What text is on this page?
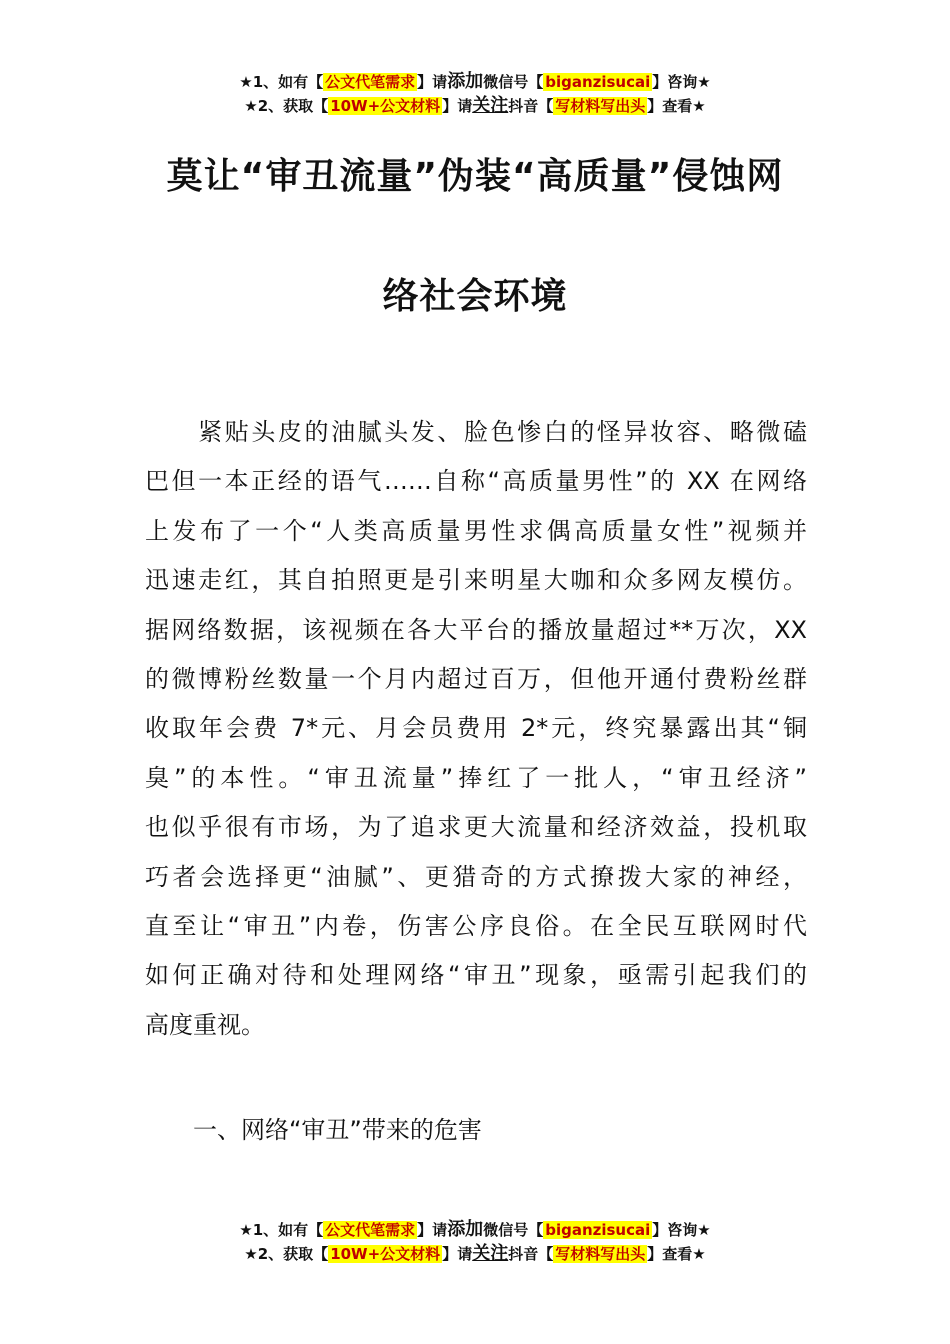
★1、如有【 公文代笔需求 】请添加微信号【 biganzisucai 】咨询★
★2、获取【 10W+公文材料 】请关注抖音【 写材料写出头 】查看★
莫让“审丑流量”伪装“高质量”侵蚀网
络社会环境
　　紧贴头皮的油腻头发、脸色惨白的怪异妆容、略微磕
巴但一本正经的语气……自称“高质量男性”的 XX 在网络
上发布了一个“人类高质量男性求偶高质量女性”视频并
迅速走红，其自拍照更是引来明星大咖和众多网友模仿。
据网络数据，该视频在各大平台的播放量超过**万次，XX
的微博粉丝数量一个月内超过百万，但他开通付费粉丝群
收取年会费 7*元、月会员费用 2*元，终究暴露出其“铜
臭”的本性。“审丑流量”捧红了一批人，“审丑经济”
也似乎很有市场，为了追求更大流量和经济效益，投机取
巧者会选择更“油腻”、更猎奇的方式撩拨大家的神经，
直至让“审丑”内卷，伤害公序良俗。在全民互联网时代
如何正确对待和处理网络“审丑”现象，亟需引起我们的
高度重视。
一、网络“审丑”带来的危害
★1、如有【 公文代笔需求 】请添加微信号【 biganzisucai 】咨询★
★2、获取【 10W+公文材料 】请关注抖音【 写材料写出头 】查看★
